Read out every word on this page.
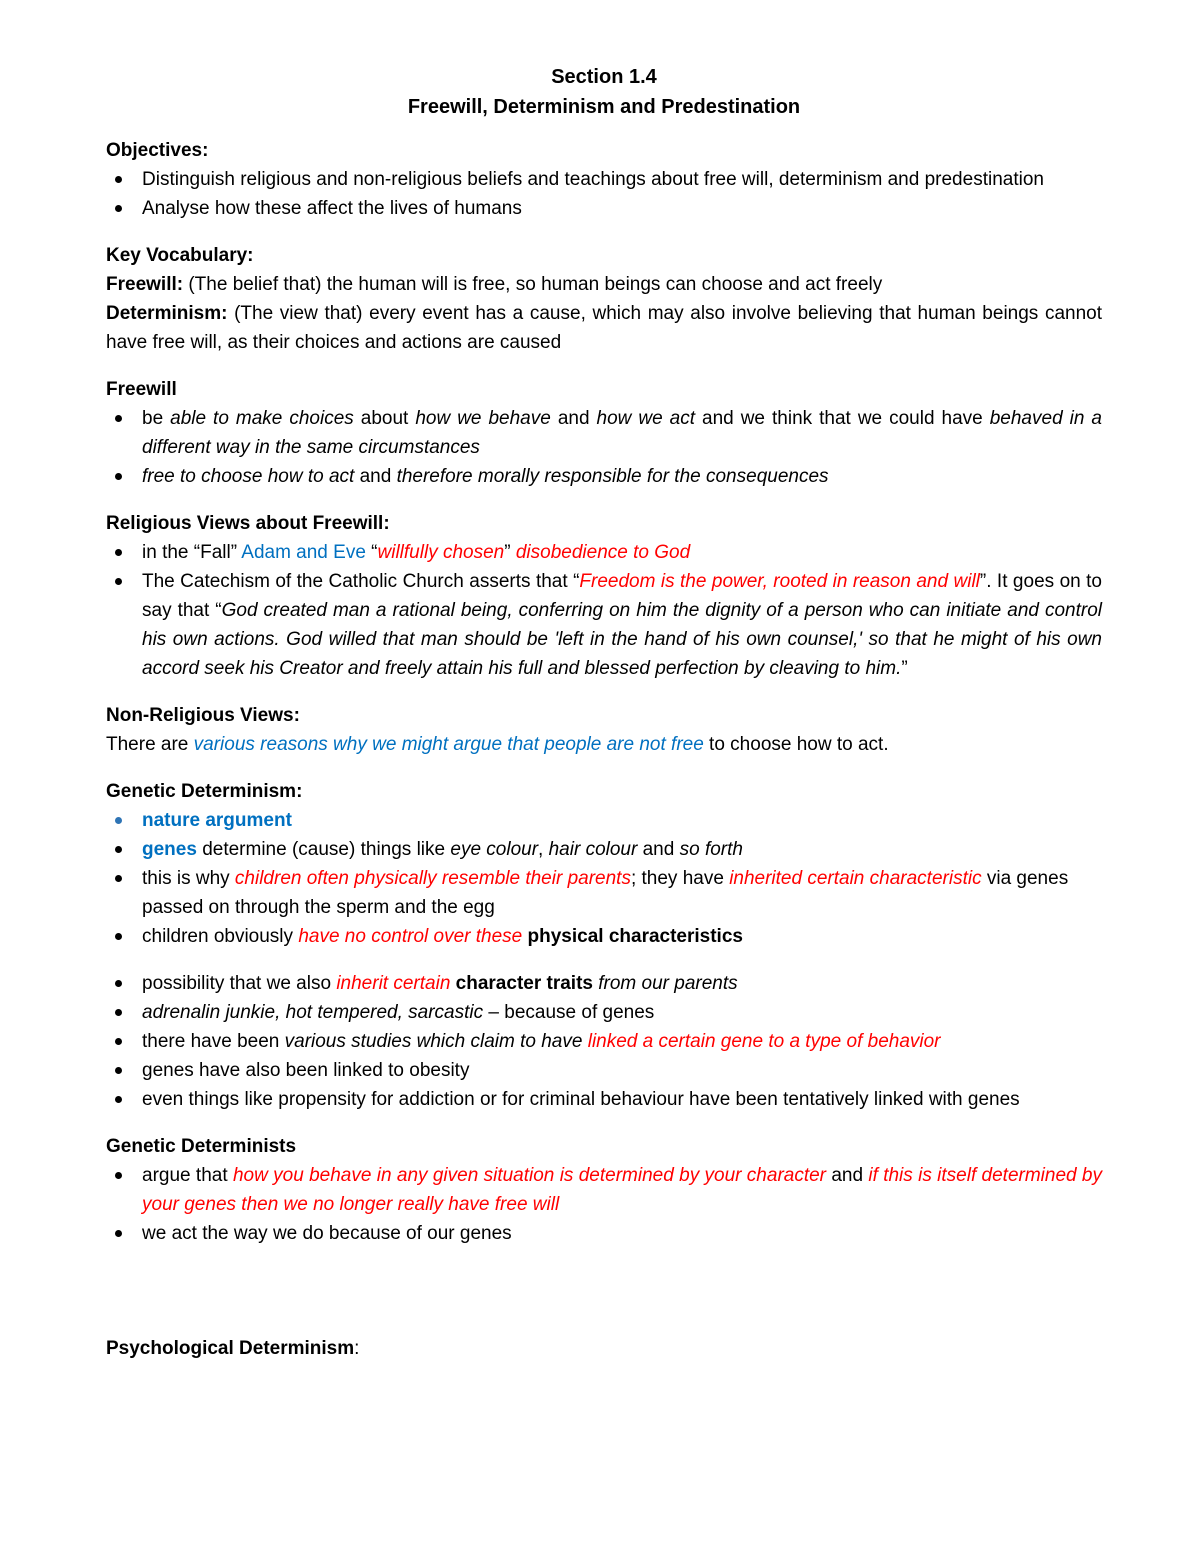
Section 1.4
Freewill, Determinism and Predestination
Objectives:
Distinguish religious and non-religious beliefs and teachings about free will, determinism and predestination
Analyse how these affect the lives of humans
Key Vocabulary:
Freewill: (The belief that) the human will is free, so human beings can choose and act freely
Determinism: (The view that) every event has a cause, which may also involve believing that human beings cannot have free will, as their choices and actions are caused
Freewill
be able to make choices about how we behave and how we act and we think that we could have behaved in a different way in the same circumstances
free to choose how to act and therefore morally responsible for the consequences
Religious Views about Freewill:
in the “Fall” Adam and Eve “willfully chosen” disobedience to God
The Catechism of the Catholic Church asserts that “Freedom is the power, rooted in reason and will”. It goes on to say that “God created man a rational being, conferring on him the dignity of a person who can initiate and control his own actions. God willed that man should be 'left in the hand of his own counsel,' so that he might of his own accord seek his Creator and freely attain his full and blessed perfection by cleaving to him.”
Non-Religious Views:
There are various reasons why we might argue that people are not free to choose how to act.
Genetic Determinism:
nature argument
genes determine (cause) things like eye colour, hair colour and so forth
this is why children often physically resemble their parents; they have inherited certain characteristic via genes passed on through the sperm and the egg
children obviously have no control over these physical characteristics
possibility that we also inherit certain character traits from our parents
adrenalin junkie, hot tempered, sarcastic – because of genes
there have been various studies which claim to have linked a certain gene to a type of behavior
genes have also been linked to obesity
even things like propensity for addiction or for criminal behaviour have been tentatively linked with genes
Genetic Determinists
argue that how you behave in any given situation is determined by your character and if this is itself determined by your genes then we no longer really have free will
we act the way we do because of our genes
Psychological Determinism:
